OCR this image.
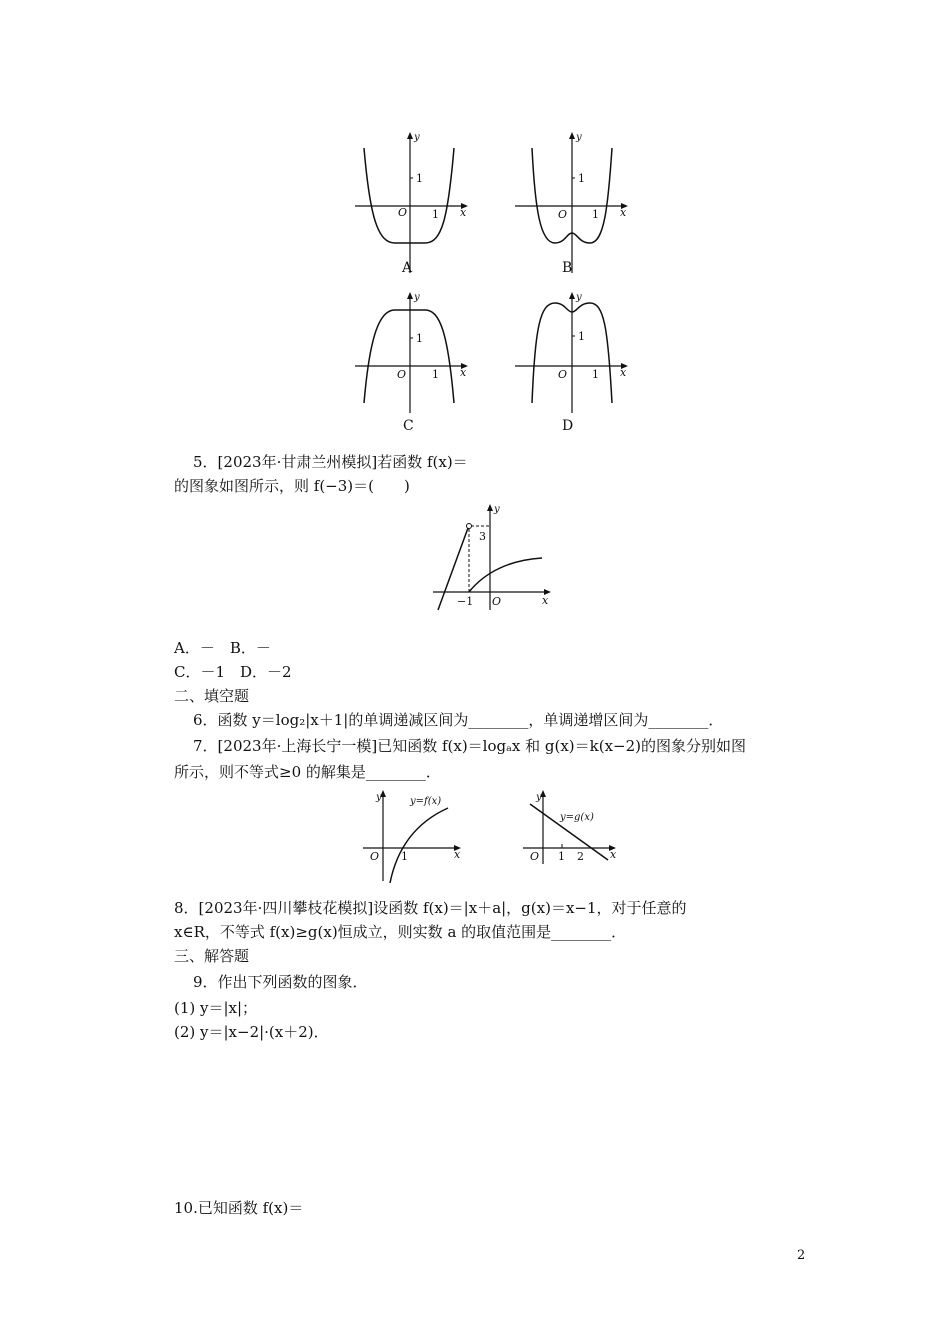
y
1
O 1 x
A
y
1
O 1 x
B
y
1
O 1 x
C
y
1
O 1 x
D
5．[2023年·甘肃兰州模拟]若函数 f(x)＝
的图象如图所示，则 f(−3)＝(　　)
y
3
−1 O	x
A．－　B．－
C．－1　D．－2
二、填空题
6．函数 y＝log₂|x＋1|的单调递减区间为________，单调递增区间为________．
7．[2023年·上海长宁一模]已知函数 f(x)＝logₐx 和 g(x)＝k(x−2)的图象分别如图
所示，则不等式≥0 的解集是________．
y	y=f(x)
O 1	x
y
y=g(x)
O 1 2 x
8．[2023年·四川攀枝花模拟]设函数 f(x)＝|x＋a|，g(x)＝x−1，对于任意的
x∈R，不等式 f(x)≥g(x)恒成立，则实数 a 的取值范围是________．
三、解答题
9．作出下列函数的图象．
(1) y＝|x|；
(2) y＝|x−2|·(x＋2)．
10.已知函数 f(x)＝
2
